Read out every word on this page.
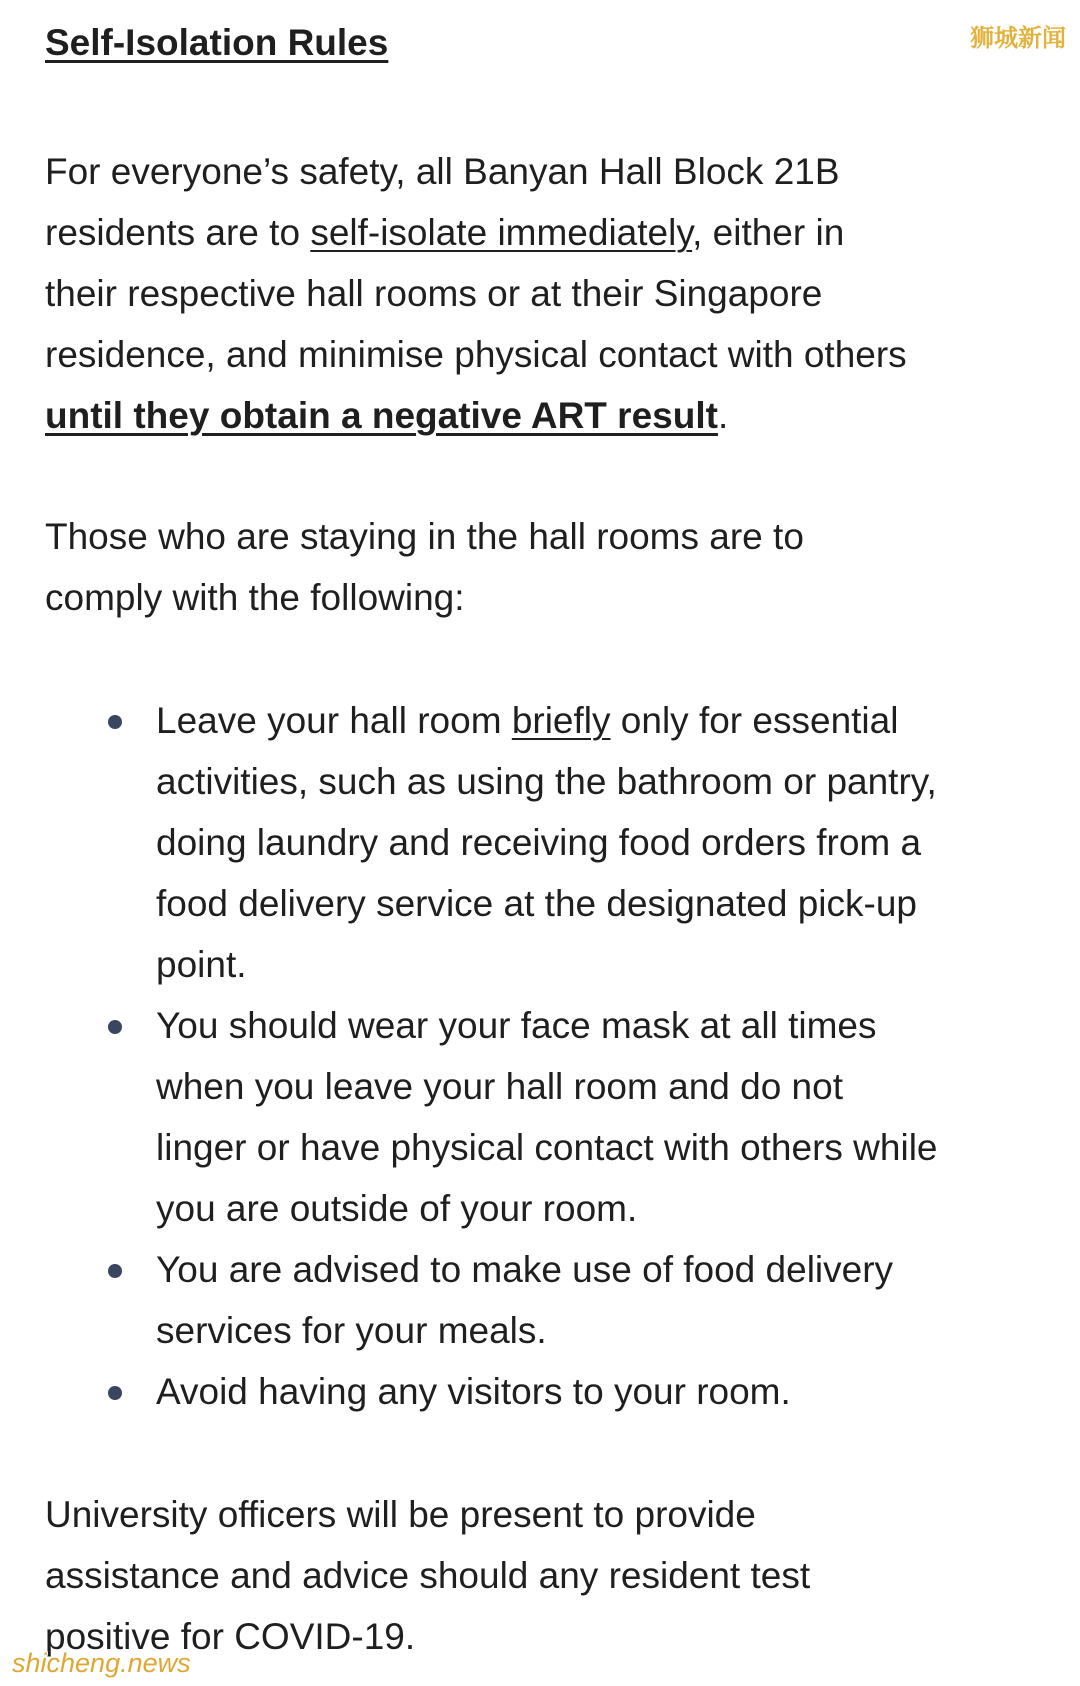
Self-Isolation Rules

For everyone’s safety, all Banyan Hall Block 21B
residents are to self-isolate immediately, either in
their respective hall rooms or at their Singapore
residence, and minimise physical contact with others
until they obtain a negative ART result.

Those who are staying in the hall rooms are to
comply with the following:

Leave your hall room briefly only for essential
activities, such as using the bathroom or pantry,
doing laundry and receiving food orders from a
food delivery service at the designated pick-up
point.
You should wear your face mask at all times
when you leave your hall room and do not
linger or have physical contact with others while
you are outside of your room.
You are advised to make use of food delivery
services for your meals.
Avoid having any visitors to your room.

University officers will be present to provide
assistance and advice should any resident test
positive for COVID-19.

狮城新闻
shicheng.news
